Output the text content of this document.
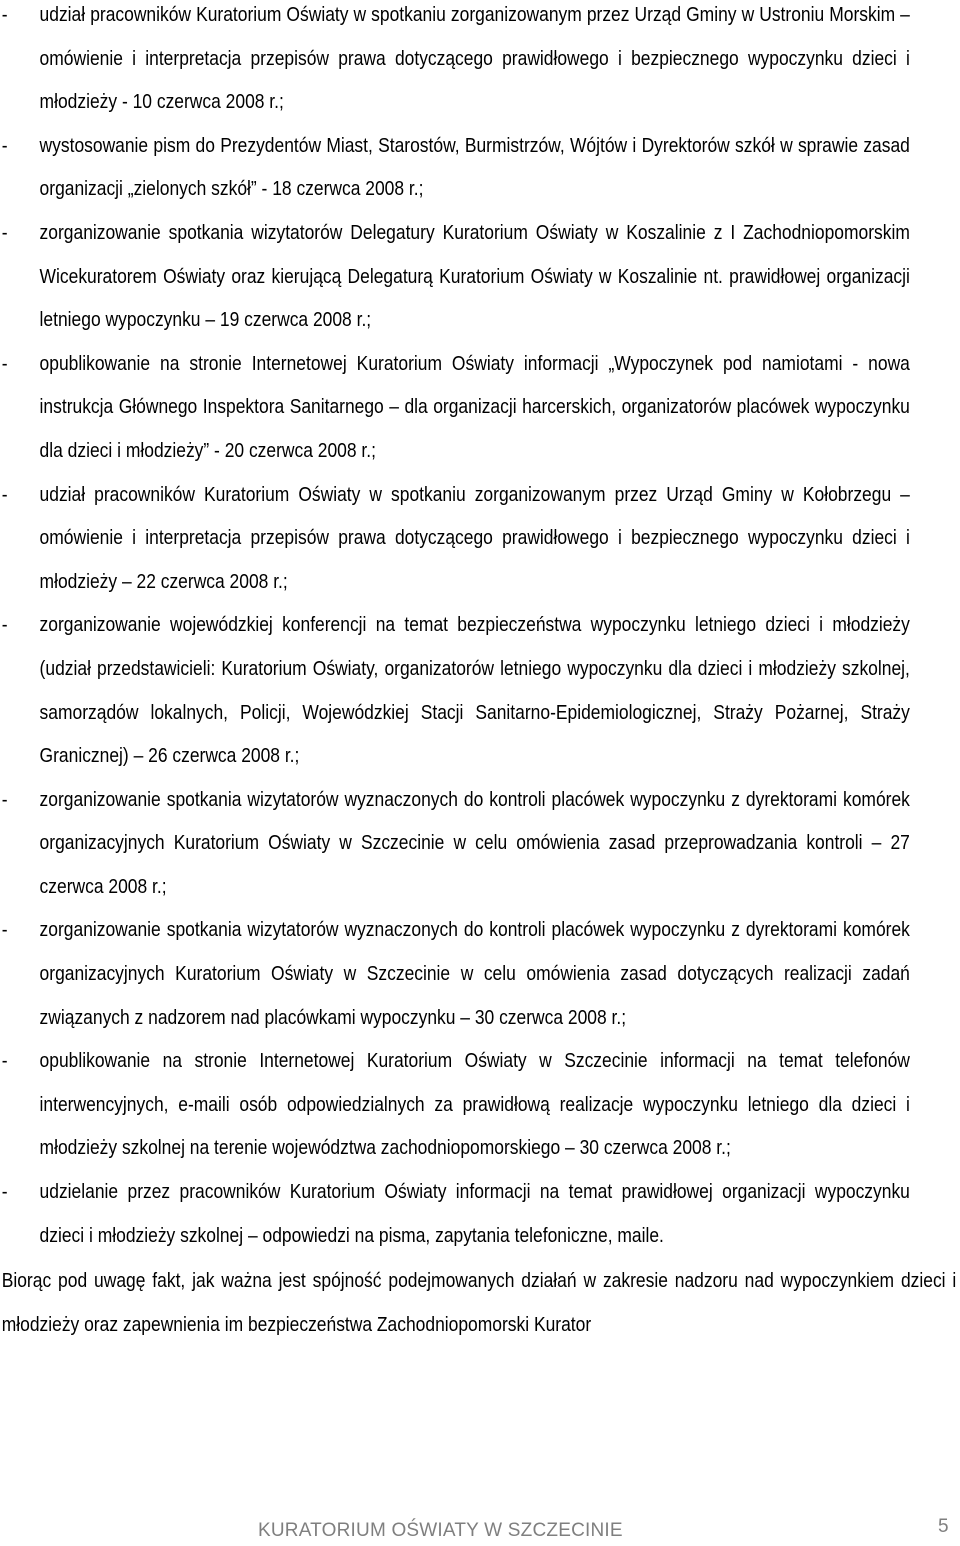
-	udział pracowników Kuratorium Oświaty w spotkaniu zorganizowanym przez Urząd Gminy w Ustroniu Morskim – omówienie i interpretacja przepisów prawa dotyczącego prawidłowego i bezpiecznego wypoczynku dzieci i młodzieży - 10 czerwca 2008 r.;
-	wystosowanie pism do Prezydentów Miast, Starostów, Burmistrzów, Wójtów i Dyrektorów szkół w sprawie zasad organizacji „zielonych szkół” - 18 czerwca 2008 r.;
-	zorganizowanie spotkania wizytatorów Delegatury Kuratorium Oświaty w Koszalinie z I Zachodniopomorskim Wicekuratorem Oświaty oraz kierującą Delegaturą Kuratorium Oświaty w Koszalinie nt. prawidłowej organizacji letniego wypoczynku – 19 czerwca 2008 r.;
-	opublikowanie na stronie Internetowej Kuratorium Oświaty informacji „Wypoczynek pod namiotami - nowa instrukcja Głównego Inspektora Sanitarnego – dla organizacji harcerskich, organizatorów placówek wypoczynku dla dzieci i młodzieży” - 20 czerwca 2008 r.;
-	udział pracowników Kuratorium Oświaty w spotkaniu zorganizowanym przez Urząd Gminy w Kołobrzegu – omówienie i interpretacja przepisów prawa dotyczącego prawidłowego i bezpiecznego wypoczynku dzieci i młodzieży – 22 czerwca 2008 r.;
-	zorganizowanie wojewódzkiej konferencji na temat bezpieczeństwa wypoczynku letniego dzieci i młodzieży (udział przedstawicieli: Kuratorium Oświaty, organizatorów letniego wypoczynku dla dzieci i młodzieży szkolnej, samorządów lokalnych, Policji, Wojewódzkiej Stacji Sanitarno-Epidemiologicznej, Straży Pożarnej, Straży Granicznej) – 26 czerwca 2008 r.;
-	zorganizowanie spotkania wizytatorów wyznaczonych do kontroli placówek wypoczynku z dyrektorami komórek organizacyjnych Kuratorium Oświaty w Szczecinie w celu omówienia zasad przeprowadzania kontroli – 27 czerwca 2008 r.;
-	zorganizowanie spotkania wizytatorów wyznaczonych do kontroli placówek wypoczynku z dyrektorami komórek organizacyjnych Kuratorium Oświaty w Szczecinie w celu omówienia zasad dotyczących realizacji zadań związanych z nadzorem nad placówkami wypoczynku – 30 czerwca 2008 r.;
-	opublikowanie na stronie Internetowej Kuratorium Oświaty w Szczecinie informacji na temat telefonów interwencyjnych, e-maili osób odpowiedzialnych za prawidłową realizacje wypoczynku letniego dla dzieci i młodzieży szkolnej na terenie województwa zachodniopomorskiego – 30 czerwca 2008 r.;
-	udzielanie przez pracowników Kuratorium Oświaty informacji na temat prawidłowej organizacji wypoczynku dzieci i młodzieży szkolnej – odpowiedzi na pisma, zapytania telefoniczne, maile.
Biorąc pod uwagę fakt, jak ważna jest spójność podejmowanych działań w zakresie nadzoru nad wypoczynkiem dzieci i młodzieży oraz zapewnienia im bezpieczeństwa Zachodniopomorski Kurator
KURATORIUM OŚWIATY W SZCZECINIE	5
